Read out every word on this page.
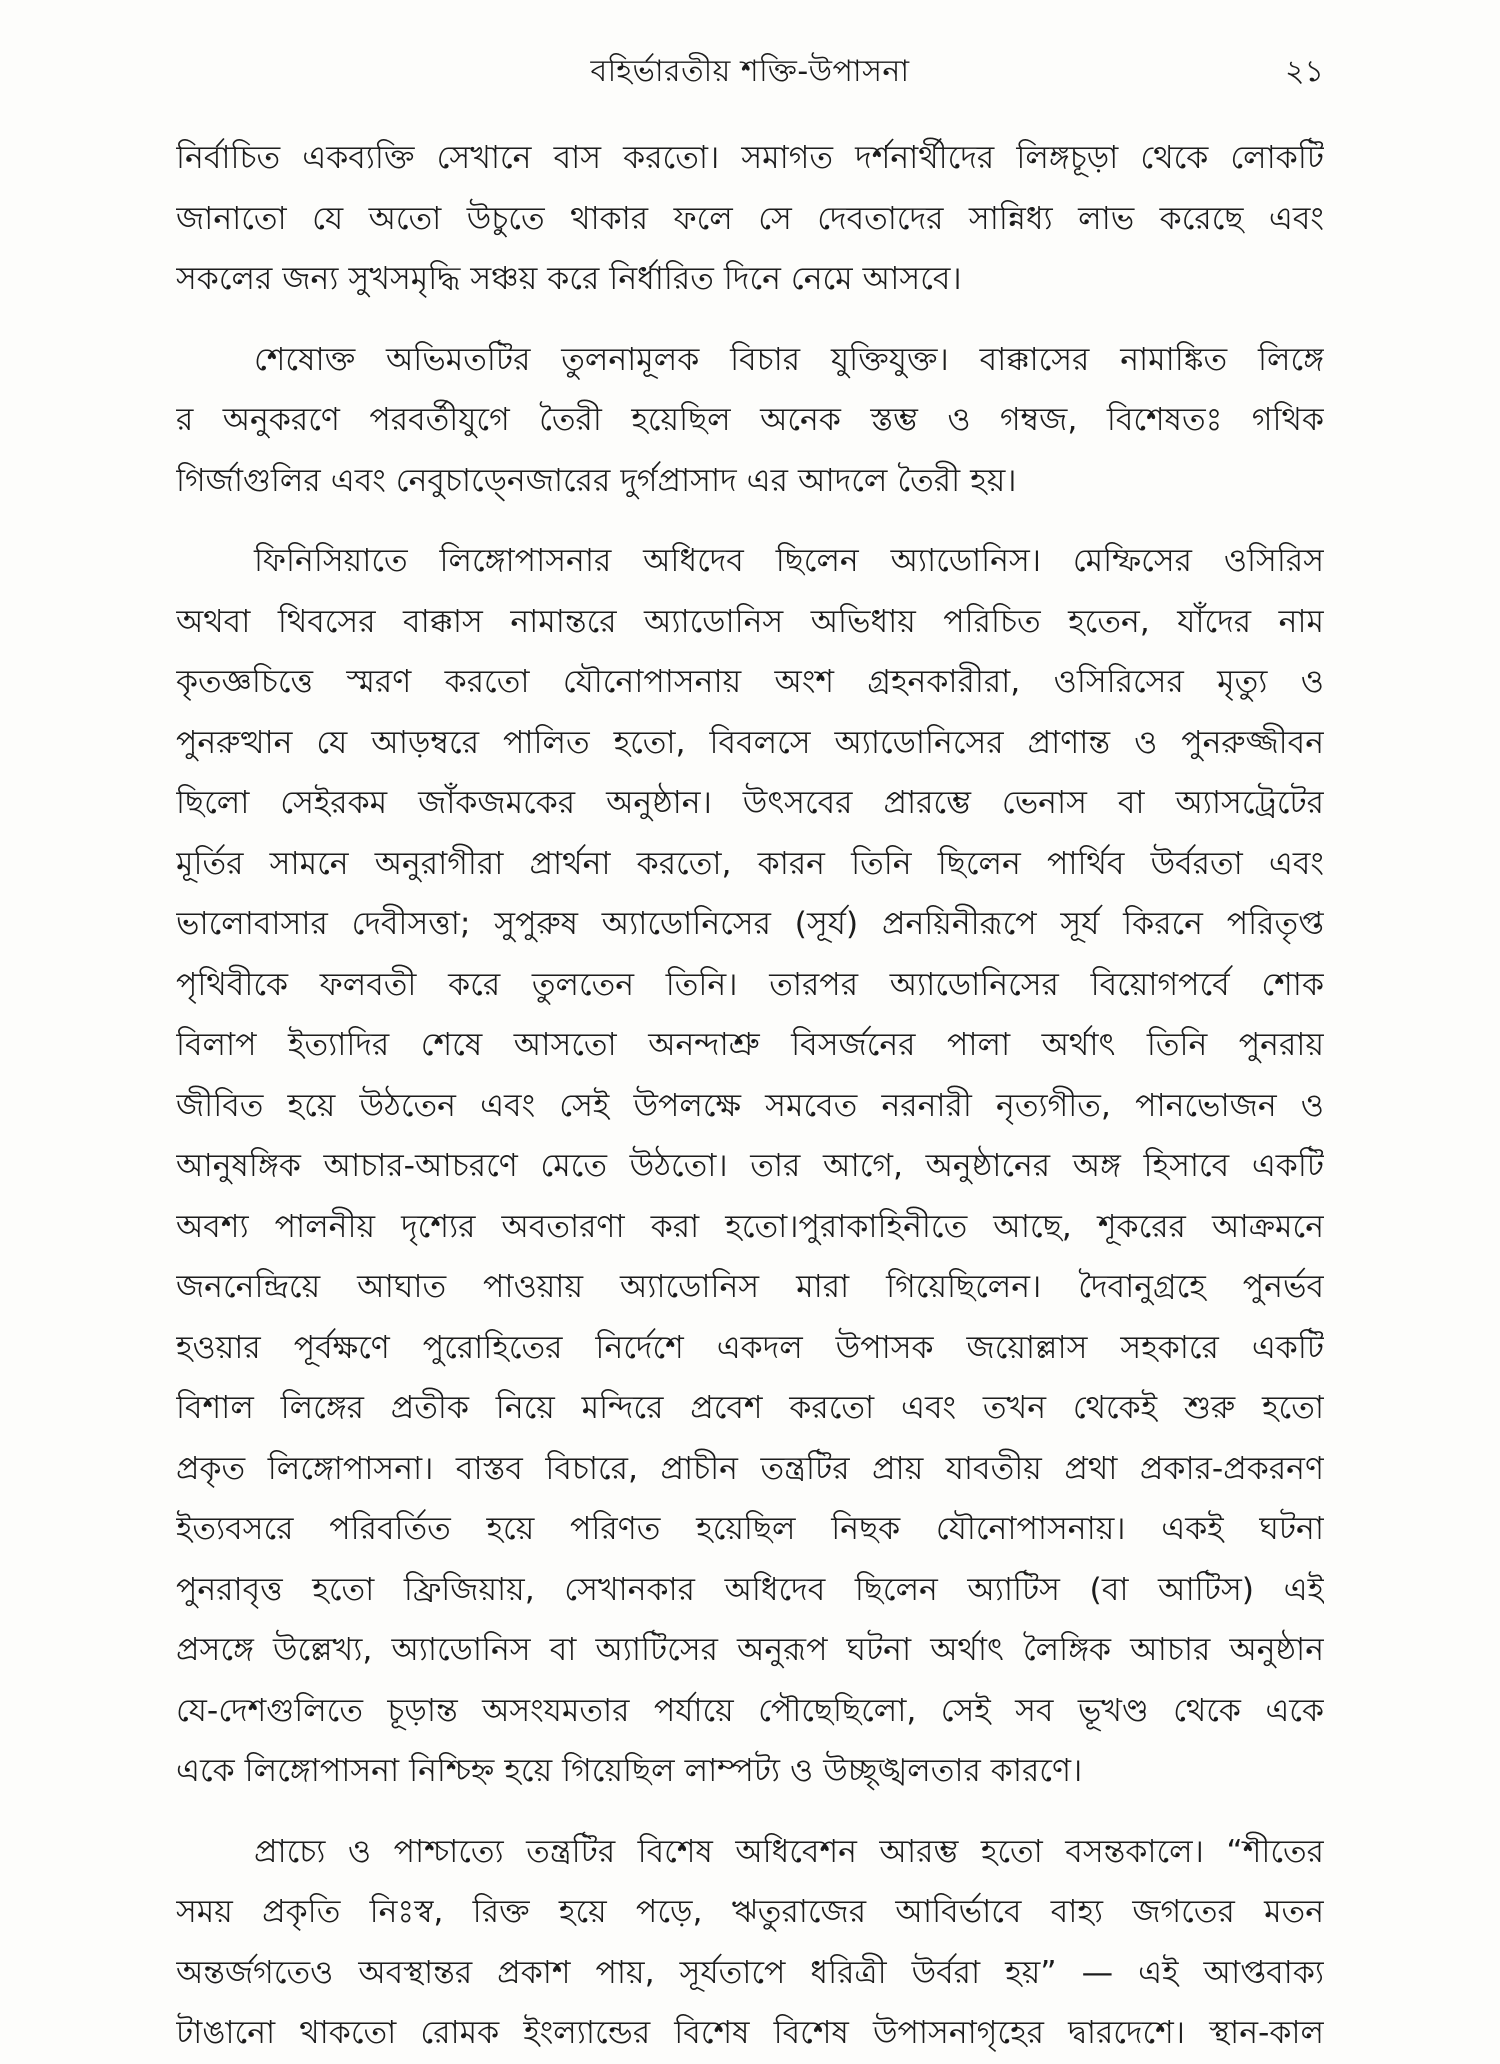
বহির্ভারতীয় শক্তি-উপাসনা	২১
নির্বাচিত একব্যক্তি সেখানে বাস করতো। সমাগত দর্শনার্থীদের লিঙ্গচূড়া থেকে লোকটি
জানাতো যে অতো উচুতে থাকার ফলে সে দেবতাদের সান্নিধ্য লাভ করেছে এবং
সকলের জন্য সুখসমৃদ্ধি সঞ্চয় করে নির্ধারিত দিনে নেমে আসবে।
শেষোক্ত অভিমতটির তুলনামূলক বিচার যুক্তিযুক্ত। বাক্কাসের নামাঙ্কিত লিঙ্গে
র অনুকরণে পরবর্তীযুগে তৈরী হয়েছিল অনেক স্তম্ভ ও গম্বজ, বিশেষতঃ গথিক
গির্জাগুলির এবং নেবুচাড্নেজারের দুর্গপ্রাসাদ এর আদলে তৈরী হয়।
ফিনিসিয়াতে লিঙ্গোপাসনার অধিদেব ছিলেন অ্যাডোনিস। মেম্ফিসের ওসিরিস
অথবা থিবসের বাক্কাস নামান্তরে অ্যাডোনিস অভিধায় পরিচিত হতেন, যাঁদের নাম
কৃতজ্ঞচিত্তে স্মরণ করতো যৌনোপাসনায় অংশ গ্রহনকারীরা, ওসিরিসের মৃত্যু ও
পুনরুত্থান যে আড়ম্বরে পালিত হতো, বিবলসে অ্যাডোনিসের প্রাণান্ত ও পুনরুজ্জীবন
ছিলো সেইরকম জাঁকজমকের অনুষ্ঠান। উৎসবের প্রারম্ভে ভেনাস বা অ্যাসট্রেটের
মূর্তির সামনে অনুরাগীরা প্রার্থনা করতো, কারন তিনি ছিলেন পার্থিব উর্বরতা এবং
ভালোবাসার দেবীসত্তা; সুপুরুষ অ্যাডোনিসের (সূর্য) প্রনয়িনীরূপে সূর্য কিরনে পরিতৃপ্ত
পৃথিবীকে ফলবতী করে তুলতেন তিনি। তারপর অ্যাডোনিসের বিয়োগপর্বে শোক
বিলাপ ইত্যাদির শেষে আসতো অনন্দাশ্রু বিসর্জনের পালা অর্থাৎ তিনি পুনরায়
জীবিত হয়ে উঠতেন এবং সেই উপলক্ষে সমবেত নরনারী নৃত্যগীত, পানভোজন ও
আনুষঙ্গিক আচার-আচরণে মেতে উঠতো। তার আগে, অনুষ্ঠানের অঙ্গ হিসাবে একটি
অবশ্য পালনীয় দৃশ্যের অবতারণা করা হতো।পুরাকাহিনীতে আছে, শূকরের আক্রমনে
জননেন্দ্রিয়ে আঘাত পাওয়ায় অ্যাডোনিস মারা গিয়েছিলেন। দৈবানুগ্রহে পুনর্ভব
হওয়ার পূর্বক্ষণে পুরোহিতের নির্দেশে একদল উপাসক জয়োল্লাস সহকারে একটি
বিশাল লিঙ্গের প্রতীক নিয়ে মন্দিরে প্রবেশ করতো এবং তখন থেকেই শুরু হতো
প্রকৃত লিঙ্গোপাসনা। বাস্তব বিচারে, প্রাচীন তন্ত্রটির প্রায় যাবতীয় প্রথা প্রকার-প্রকরনণ
ইত্যবসরে পরিবর্তিত হয়ে পরিণত হয়েছিল নিছক যৌনোপাসনায়। একই ঘটনা
পুনরাবৃত্ত হতো ফ্রিজিয়ায়, সেখানকার অধিদেব ছিলেন অ্যাটিস (বা আটিস) এই
প্রসঙ্গে উল্লেখ্য, অ্যাডোনিস বা অ্যাটিসের অনুরূপ ঘটনা অর্থাৎ লৈঙ্গিক আচার অনুষ্ঠান
যে-দেশগুলিতে চূড়ান্ত অসংযমতার পর্যায়ে পৌছেছিলো, সেই সব ভূখণ্ড থেকে একে
একে লিঙ্গোপাসনা নিশ্চিহ্ন হয়ে গিয়েছিল লাম্পট্য ও উচ্ছৃঙ্খলতার কারণে।
প্রাচ্যে ও পাশ্চাত্যে তন্ত্রটির বিশেষ অধিবেশন আরম্ভ হতো বসন্তকালে। “শীতের
সময় প্রকৃতি নিঃস্ব, রিক্ত হয়ে পড়ে, ঋতুরাজের আবির্ভাবে বাহ্য জগতের মতন
অন্তর্জগতেও অবস্থান্তর প্রকাশ পায়, সূর্যতাপে ধরিত্রী উর্বরা হয়” — এই আপ্তবাক্য
টাঙানো থাকতো রোমক ইংল্যান্ডের বিশেষ বিশেষ উপাসনাগৃহের দ্বারদেশে। স্থান-কাল
